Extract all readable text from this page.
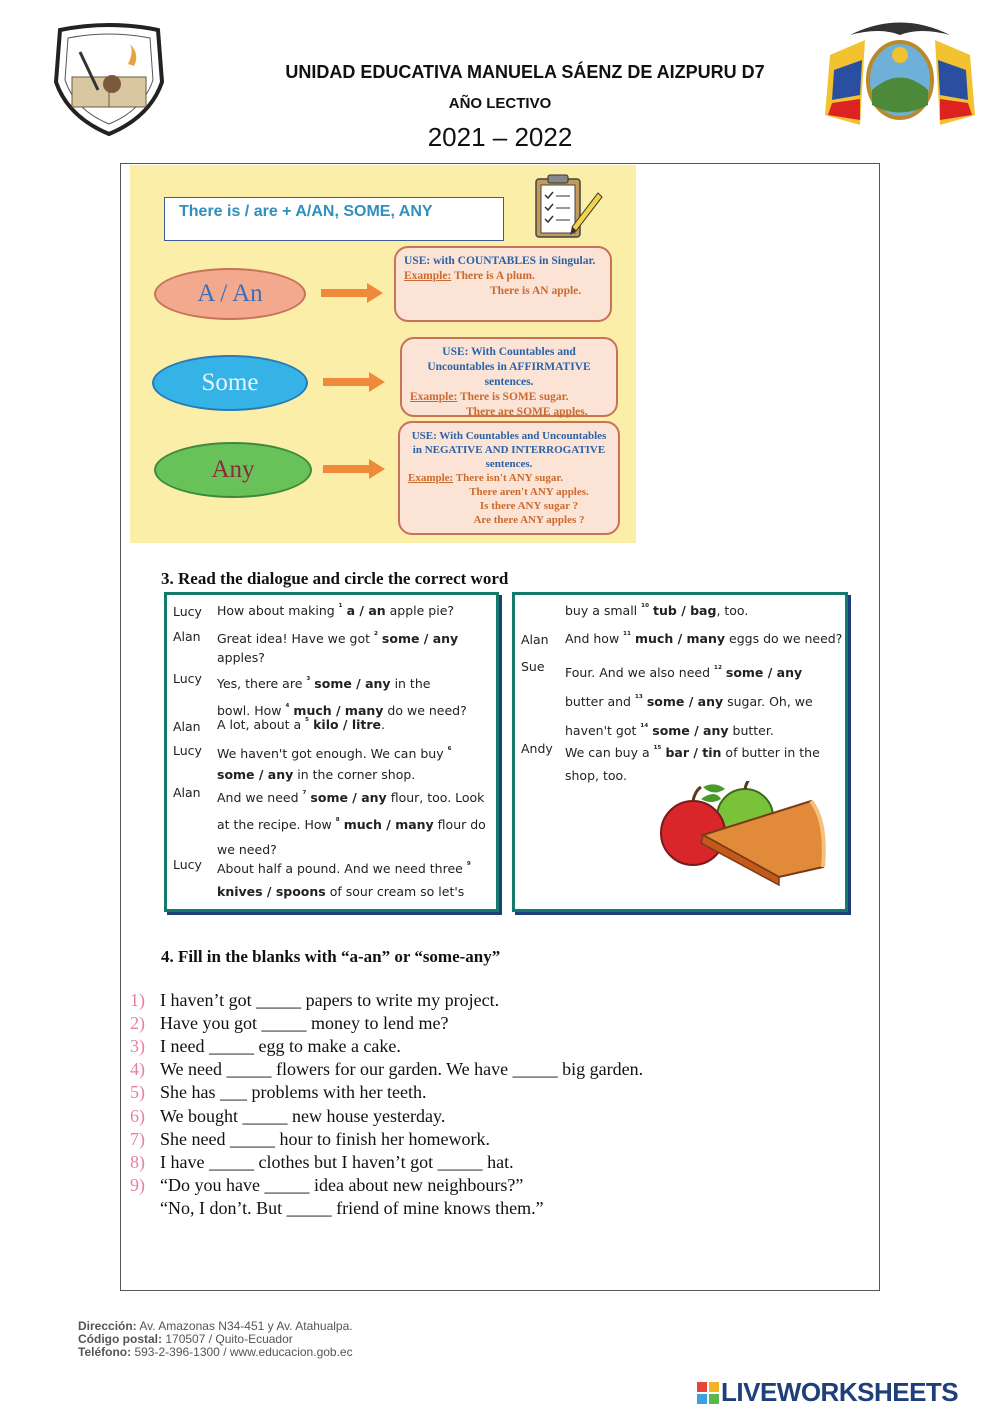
UNIDAD EDUCATIVA MANUELA SÁENZ DE AIZPURU D7
AÑO LECTIVO
2021 – 2022
There is / are + A/AN, SOME, ANY
A / An
USE: with COUNTABLES in Singular.
Example: There is A plum.
There is AN apple.
Some
USE: With Countables and Uncountables in AFFIRMATIVE sentences.
Example: There is SOME sugar.
There are SOME apples.
Any
USE: With Countables and Uncountables in NEGATIVE AND INTERROGATIVE sentences.
Example: There isn't ANY sugar.
There aren't ANY apples.
Is there ANY sugar ?
Are there ANY apples ?
3. Read the dialogue and circle the correct word
Lucy How about making $^{^1}$ a / an apple pie?
Alan Great idea! Have we got $^{^2}$ some / any apples?
Lucy Yes, there are $^{^3}$ some / any in the bowl. How $^{^4}$ much / many do we need?
Alan A lot, about a $^{^5}$ kilo / litre.
Lucy We haven't got enough. We can buy $^{^6}$ some / any in the corner shop.
Alan And we need $^{^7}$ some / any flour, too. Look at the recipe. How $^{^8}$ much / many flour do we need?
Lucy About half a pound. And we need three $^{^9}$ knives / spoons of sour cream so let's
buy a small $^{^{10}}$ tub / bag, too.
Alan And how $^{^{11}}$ much / many eggs do we need?
Sue Four. And we also need $^{^{12}}$ some / any butter and $^{^{13}}$ some / any sugar. Oh, we haven't got $^{^{14}}$ some / any butter.
Andy We can buy a $^{^{15}}$ bar / tin of butter in the shop, too.
4. Fill in the blanks with “a-an” or “some-any”
1) I haven’t got _____ papers to write my project.
2) Have you got _____ money to lend me?
3) I need _____ egg to make a cake.
4) We need _____ flowers for our garden. We have _____ big garden.
5) She has ___ problems with her teeth.
6) We bought _____ new house yesterday.
7) She need _____ hour to finish her homework.
8) I have _____ clothes but I haven’t got _____ hat.
9) “Do you have _____ idea about new neighbours?”
“No, I don’t. But _____ friend of mine knows them.”
Dirección: Av. Amazonas N34-451 y Av. Atahualpa.
Código postal: 170507 / Quito-Ecuador
Teléfono: 593-2-396-1300 / www.educacion.gob.ec
LIVEWORKSHEETS
